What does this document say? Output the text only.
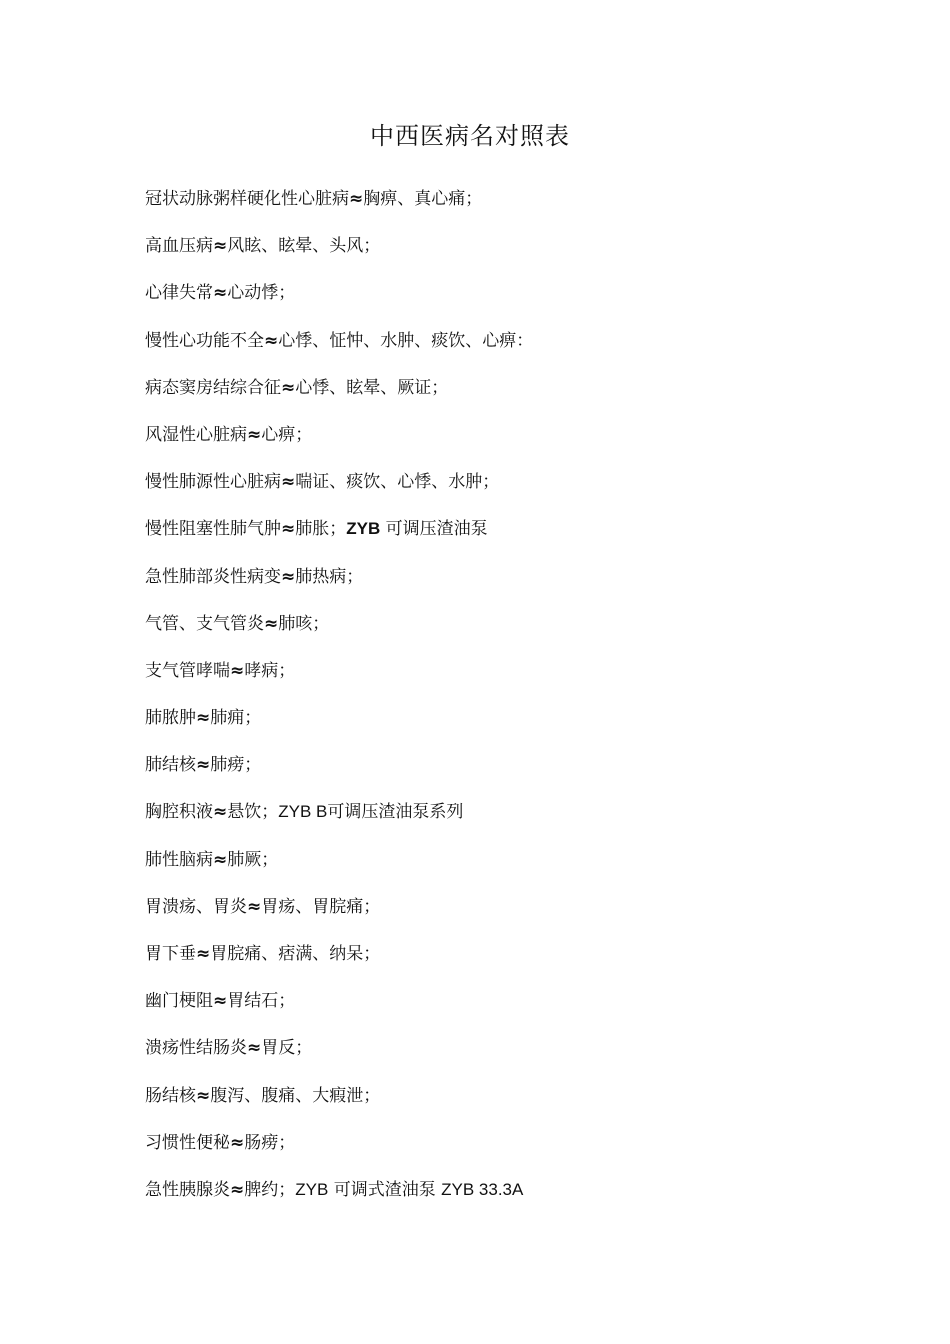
中西医病名对照表
冠状动脉粥样硬化性心脏病≈胸痹、真心痛；
高血压病≈风眩、眩晕、头风；
心律失常≈心动悸；
慢性心功能不全≈心悸、怔忡、水肿、痰饮、心痹：
病态窦房结综合征≈心悸、眩晕、厥证；
风湿性心脏病≈心痹；
慢性肺源性心脏病≈喘证、痰饮、心悸、水肿；
慢性阻塞性肺气肿≈肺胀；ZYB 可调压渣油泵
急性肺部炎性病变≈肺热病；
气管、支气管炎≈肺咳；
支气管哮喘≈哮病；
肺脓肿≈肺痈；
肺结核≈肺痨；
胸腔积液≈悬饮；ZYB B可调压渣油泵系列
肺性脑病≈肺厥；
胃溃疡、胃炎≈胃疡、胃脘痛；
胃下垂≈胃脘痛、痞满、纳呆；
幽门梗阻≈胃结石；
溃疡性结肠炎≈胃反；
肠结核≈腹泻、腹痛、大瘕泄；
习惯性便秘≈肠痨；
急性胰腺炎≈脾约；ZYB 可调式渣油泵 ZYB 33.3A
